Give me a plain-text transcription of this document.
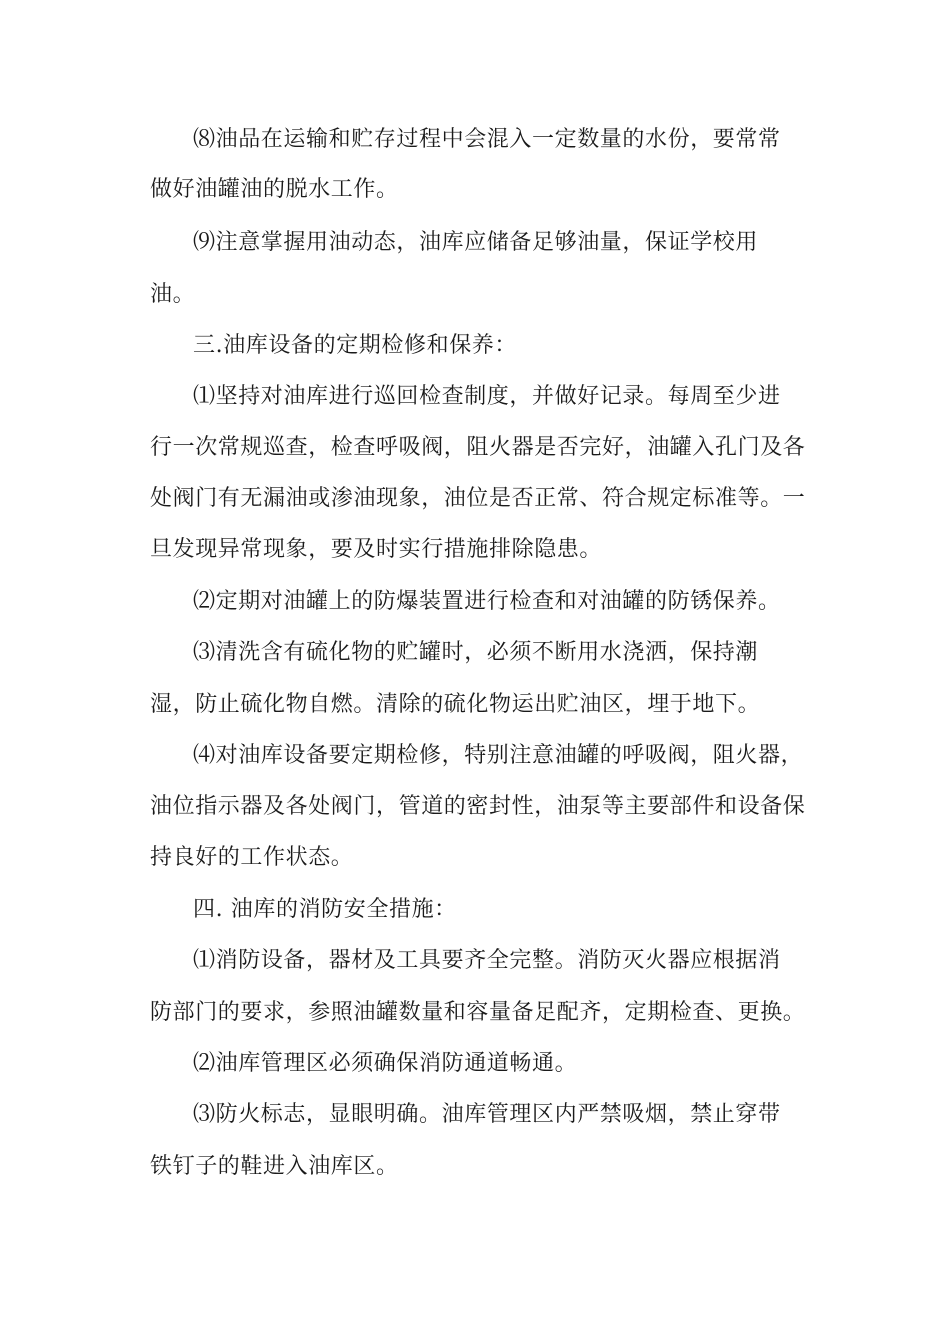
⑻油品在运输和贮存过程中会混入一定数量的水份，要常常
做好油罐油的脱水工作。
⑼注意掌握用油动态，油库应储备足够油量，保证学校用
油。
三.油库设备的定期检修和保养：
⑴坚持对油库进行巡回检查制度，并做好记录。每周至少进
行一次常规巡查，检查呼吸阀，阻火器是否完好，油罐入孔门及各
处阀门有无漏油或渗油现象，油位是否正常、符合规定标准等。一
旦发现异常现象，要及时实行措施排除隐患。
⑵定期对油罐上的防爆装置进行检查和对油罐的防锈保养。
⑶清洗含有硫化物的贮罐时，必须不断用水浇洒，保持潮
湿，防止硫化物自燃。清除的硫化物运出贮油区，埋于地下。
⑷对油库设备要定期检修，特别注意油罐的呼吸阀，阻火器，
油位指示器及各处阀门，管道的密封性，油泵等主要部件和设备保
持良好的工作状态。
四. 油库的消防安全措施：
⑴消防设备，器材及工具要齐全完整。消防灭火器应根据消
防部门的要求，参照油罐数量和容量备足配齐，定期检查、更换。
⑵油库管理区必须确保消防通道畅通。
⑶防火标志，显眼明确。油库管理区内严禁吸烟，禁止穿带
铁钉子的鞋进入油库区。
